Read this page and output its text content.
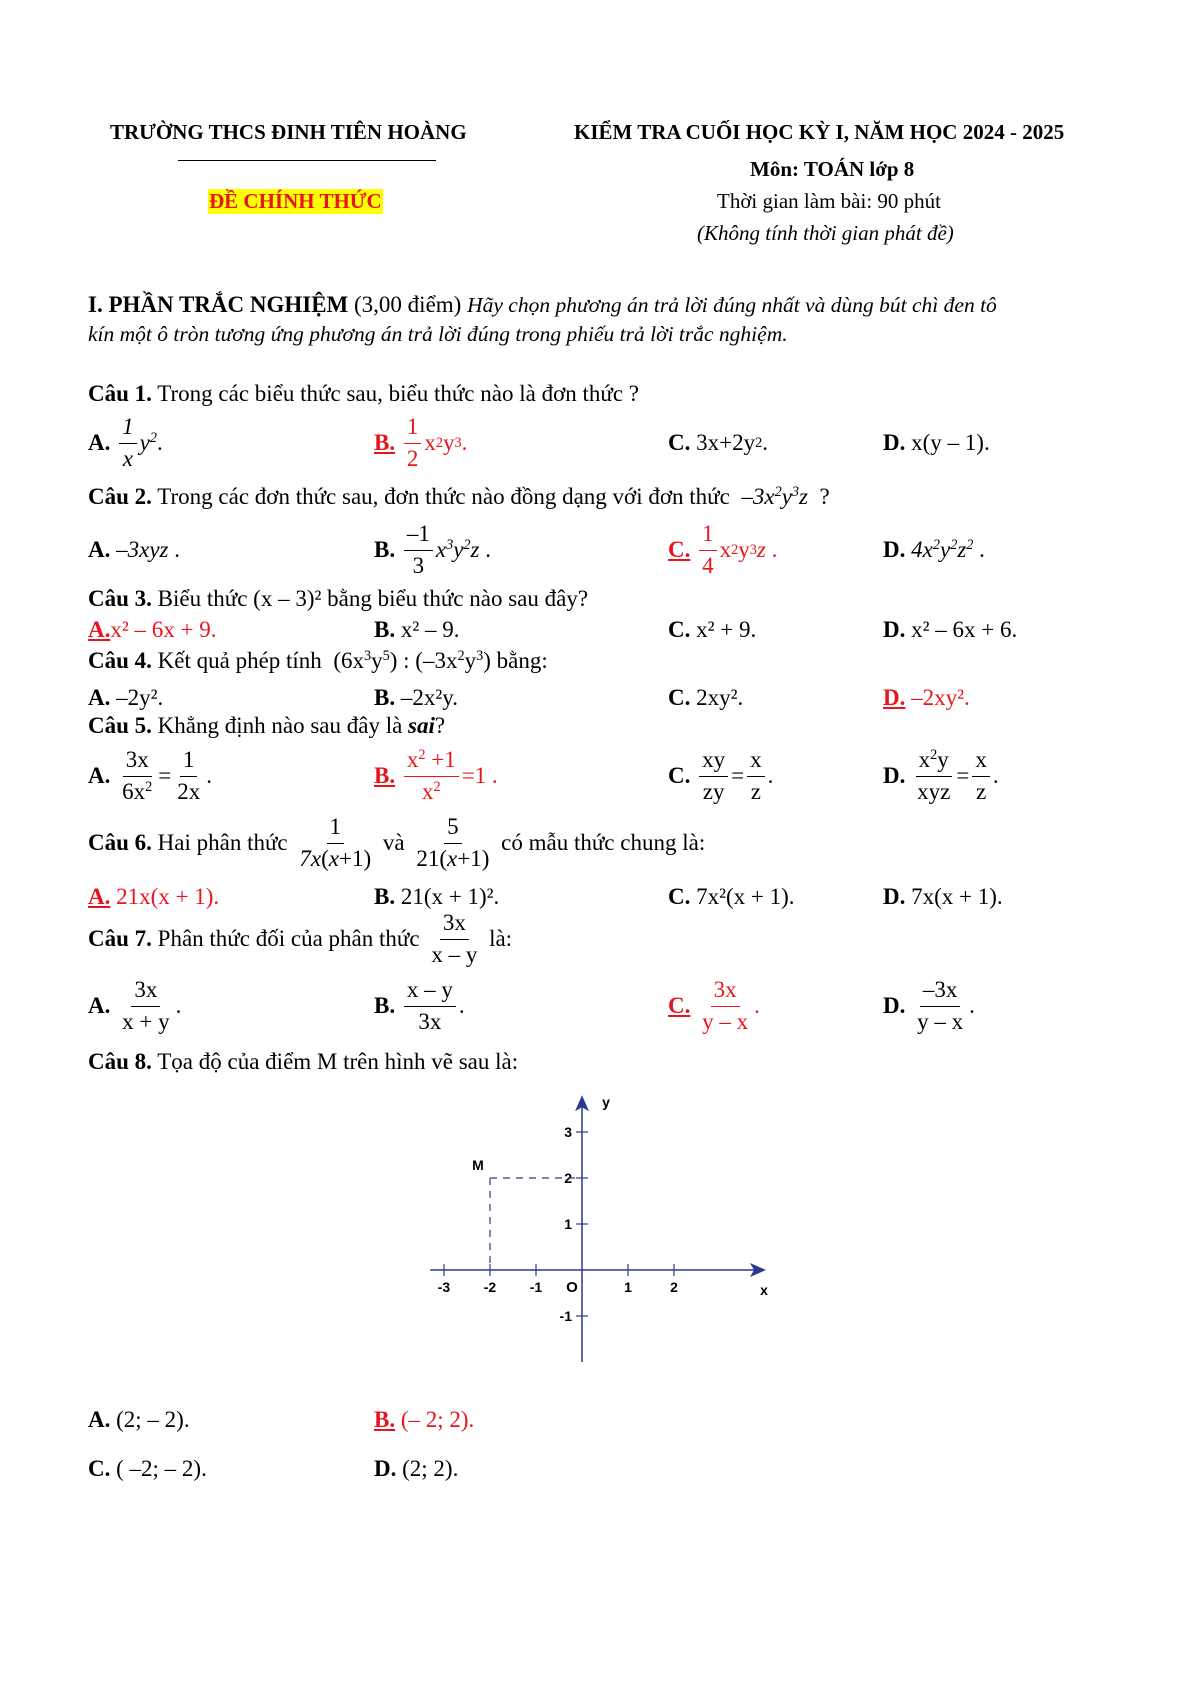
TRƯỜNG THCS ĐINH TIÊN HOÀNG	KIỂM TRA CUỐI HỌC KỲ I, NĂM HỌC 2024 - 2025
Môn: TOÁN lớp 8
ĐỀ CHÍNH THỨC	Thời gian làm bài: 90 phút
(Không tính thời gian phát đề)
I. PHẦN TRẮC NGHIỆM (3,00 điểm) Hãy chọn phương án trả lời đúng nhất và dùng bút chì đen tô
kín một ô tròn tương ứng phương án trả lời đúng trong phiếu trả lời trắc nghiệm.
Câu 1. Trong các biểu thức sau, biểu thức nào là đơn thức ?
A.
$\frac{1}{x} y^2$ .	B.
$\frac{1}{2}$ x 2 y 3 .	C. 3x+2y 2 .	D. x(y – 1).
Câu 2. Trong các đơn thức sau, đơn thức nào đồng dạng với đơn thức  $-3x^2y^3z$  ?
A.
–3xyz .	B.
$\frac{-1}{3} x^3y^2z$ .	C.
$\frac{1}{4}$ x 2 y 3 z .	D.
$4x^2y^2z^2$ .
Câu 3. Biểu thức (x – 3)² bằng biểu thức nào sau đây?
A. x² – 6x + 9.	B.
x² – 9.	C.
x² + 9.	D.
x² – 6x + 6.
Câu 4. Kết quả phép tính  $(6x^3y^5)$ : $(-3x^2y^3)$ bằng:
A.
–2y².	B.
–2x²y.	C.
2xy².	D.
–2xy².
Câu 5. Khẳng định nào sau đây là sai?
A.
$\frac{3x}{6x^2} = \frac{1}{2x}$ .	B.
$\frac{x^2 +1}{x^2} =1$ .	C.
$\frac{xy}{zy} = \frac{x}{z}$ .	D.
$\frac{x^2y}{\text{xyz}} = \frac{x}{z}$ .
Câu 6.
Hai phân thức
$\frac{1}{7x(x+1)}$
và
$\frac{5}{21(x+1)}$
có mẫu thức chung là:
A.
21x(x + 1).	B.
21(x + 1)².	C.
7x²(x + 1).	D.
7x(x + 1).
Câu 7.
Phân thức đối của phân thức
$\frac{3x}{x - y}$
là:
A.
$\frac{3x}{x + y}$ .	B.
$\frac{x - y}{3x}$ .	C.
$\frac{3x}{y - x}$ .	D.
$\frac{-3x}{y - x}$ .
Câu 8. Tọa độ của điểm M trên hình vẽ sau là:
x
y
O
-3 -2 -1	1	2
-1
1
2
3
M
A.
(2; – 2).	B.
(– 2; 2).
C.
( –2; – 2).	D.
(2; 2).
